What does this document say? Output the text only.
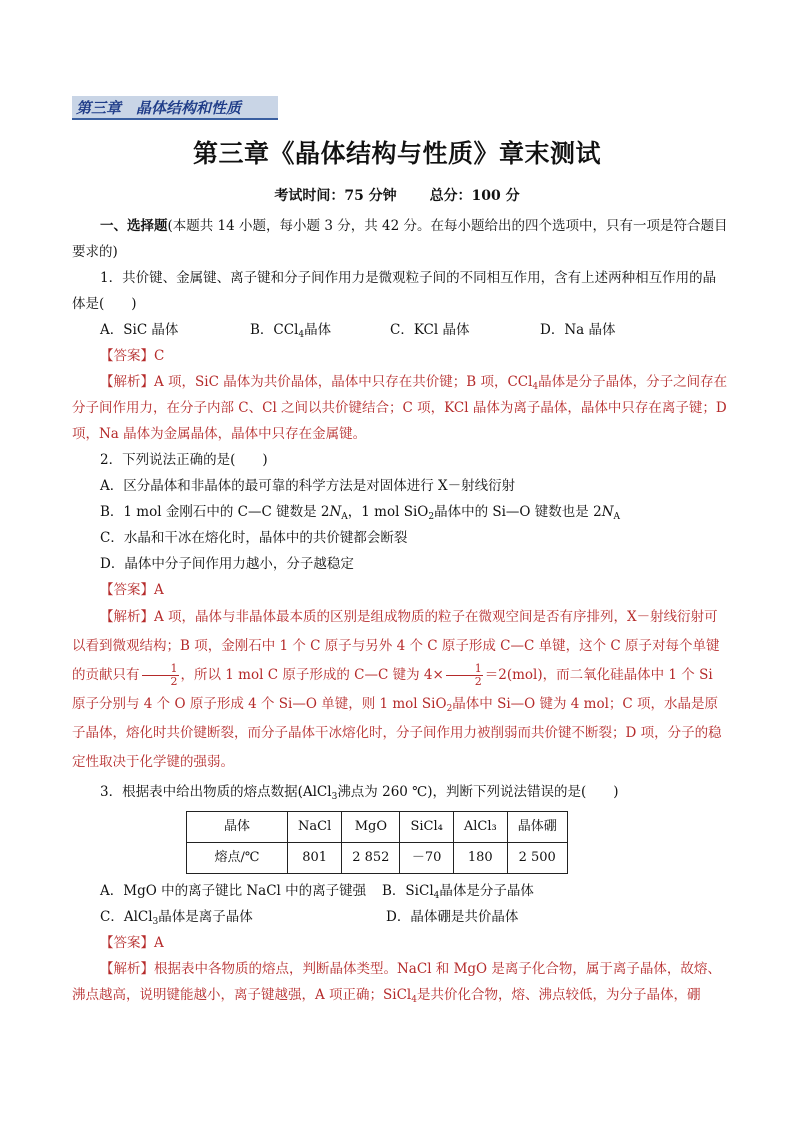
第三章　晶体结构和性质
第三章《晶体结构与性质》章末测试
考试时间：75 分钟 总分：100 分

一、选择题(本题共 14 小题，每小题 3 分，共 42 分。在每小题给出的四个选项中，只有一项是符合题目要求的)

1．共价键、金属键、离子键和分子间作用力是微观粒子间的不同相互作用，含有上述两种相互作用的晶体是(　　)

A．SiC 晶体	B．CCl$_4$晶体	C．KCl 晶体	D．Na 晶体

【答案】C

【解析】A 项，SiC 晶体为共价晶体，晶体中只存在共价键；B 项，CCl$_4$晶体是分子晶体，分子之间存在分子间作用力，在分子内部 C、Cl 之间以共价键结合；C 项，KCl 晶体为离子晶体，晶体中只存在离子键；D 项，Na 晶体为金属晶体，晶体中只存在金属键。

2．下列说法正确的是(　　)

A．区分晶体和非晶体的最可靠的科学方法是对固体进行 X－射线衍射

B．1 mol 金刚石中的 C—C 键数是 $2N_A$，1 mol SiO$_2$晶体中的 Si—O 键数也是 $2N_A$

C．水晶和干冰在熔化时，晶体中的共价键都会断裂

D．晶体中分子间作用力越小，分子越稳定

【答案】A

【解析】A 项，晶体与非晶体最本质的区别是组成物质的粒子在微观空间是否有序排列，X－射线衍射可以看到微观结构；B 项，金刚石中 1 个 C 原子与另外 4 个 C 原子形成 C—C 单键，这个 C 原子对每个单键的贡献只有 $\frac{1}{2}$ ，所以 1 mol C 原子形成的 C—C 键为 $4\times \frac{1}{2} =2(mol)$，而二氧化硅晶体中 1 个 Si 原子分别与 4 个 O 原子形成 4 个 Si—O 单键，则 1 mol SiO$_2$晶体中 Si—O 键为 4 mol；C 项，水晶是原子晶体，熔化时共价键断裂，而分子晶体干冰熔化时，分子间作用力被削弱而共价键不断裂；D 项，分子的稳定性取决于化学键的强弱。

3．根据表中给出物质的熔点数据(AlCl$_3$沸点为 260 ℃)，判断下列说法错误的是(　　)

晶体	NaCl	MgO	SiCl₄	AlCl₃	晶体硼
熔点/℃	801	2 852	－70	180	2 500

A．MgO 中的离子键比 NaCl 中的离子键强	B．SiCl$_4$晶体是分子晶体

C．AlCl$_3$晶体是离子晶体	D．晶体硼是共价晶体

【答案】A

【解析】根据表中各物质的熔点，判断晶体类型。NaCl 和 MgO 是离子化合物，属于离子晶体，故熔、沸点越高，说明键能越小，离子键越强，A 项正确；SiCl$_4$是共价化合物，熔、沸点较低，为分子晶体，硼
